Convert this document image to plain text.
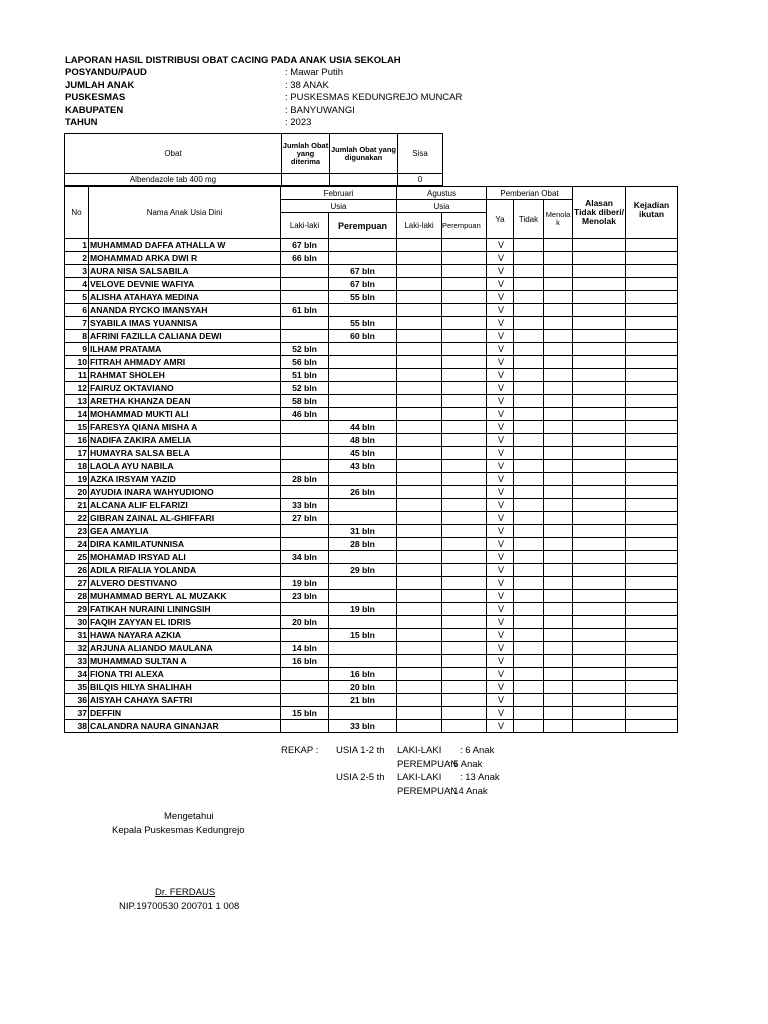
LAPORAN HASIL DISTRIBUSI OBAT CACING PADA ANAK USIA SEKOLAH
POSYANDU/PAUD	: Mawar Putih
JUMLAH ANAK	: 38 ANAK
PUSKESMAS	: PUSKESMAS KEDUNGREJO MUNCAR
KABUPATEN	: BANYUWANGI
TAHUN	: 2023
Obat	Jumlah Obat yang diterima	Jumlah Obat yang digunakan	Sisa
Albendazole tab 400 mg			0
No	Nama Anak Usia Dini	Februari		Agustus		Pemberian Obat			Alasan Tidak diberi/ Menolak	Kejadian ikutan
		Usia		Usia		Ya	Tidak	Menolak		
		Laki-laki	Perempuan	Laki-laki	Perempuan					
1	MUHAMMAD DAFFA ATHALLA W	67 bln				V				
2	MOHAMMAD ARKA DWI R	66 bln				V				
3	AURA NISA SALSABILA		67 bln			V				
4	VELOVE DEVNIE WAFIYA		67 bln			V				
5	ALISHA ATAHAYA MEDINA		55 bln			V				
6	ANANDA RYCKO IMANSYAH	61 bln				V				
7	SYABILA IMAS YUANNISA		55 bln			V				
8	AFRINI FAZILLA CALIANA DEWI		60 bln			V				
9	ILHAM PRATAMA	52 bln				V				
10	FITRAH AHMADY AMRI	56 bln				V				
11	RAHMAT SHOLEH	51 bln				V				
12	FAIRUZ OKTAVIANO	52 bln				V				
13	ARETHA KHANZA DEAN	58 bln				V				
14	MOHAMMAD MUKTI ALI	46 bln				V				
15	FARESYA QIANA MISHA A		44 bln			V				
16	NADIFA ZAKIRA AMELIA		48 bln			V				
17	HUMAYRA SALSA BELA		45 bln			V				
18	LAOLA AYU NABILA		43 bln			V				
19	AZKA IRSYAM YAZID	28 bln				V				
20	AYUDIA INARA WAHYUDIONO		26 bln			V				
21	ALCANA ALIF ELFARIZI	33 bln				V				
22	GIBRAN ZAINAL AL-GHIFFARI	27 bln				V				
23	GEA AMAYLIA		31 bln			V				
24	DIRA KAMILATUNNISA		28 bln			V				
25	MOHAMAD IRSYAD ALI	34 bln				V				
26	ADILA RIFALIA YOLANDA		29 bln			V				
27	ALVERO DESTIVANO	19 bln				V				
28	MUHAMMAD BERYL AL MUZAKK	23 bln				V				
29	FATIKAH NURAINI LININGSIH		19 bln			V				
30	FAQIH ZAYYAN EL IDRIS	20 bln				V				
31	HAWA NAYARA AZKIA		15 bln			V				
32	ARJUNA ALIANDO MAULANA	14 bln				V				
33	MUHAMMAD SULTAN A	16 bln				V				
34	FIONA TRI ALEXA		16 bln			V				
35	BILQIS HILYA SHALIHAH		20 bln			V				
36	AISYAH CAHAYA SAFTRI		21 bln			V				
37	DEFFIN	15 bln				V				
38	CALANDRA NAURA GINANJAR		33 bln			V				
REKAP : USIA 1-2 th LAKI-LAKI : 6 Anak
PEREMPUAN
: 5 Anak
USIA 2-5 th LAKI-LAKI : 13 Anak
PEREMPUAN
: 14 Anak
Mengetahui
Kepala Puskesmas Kedungrejo
Dr. FERDAUS
NIP.19700530 200701 1 008
